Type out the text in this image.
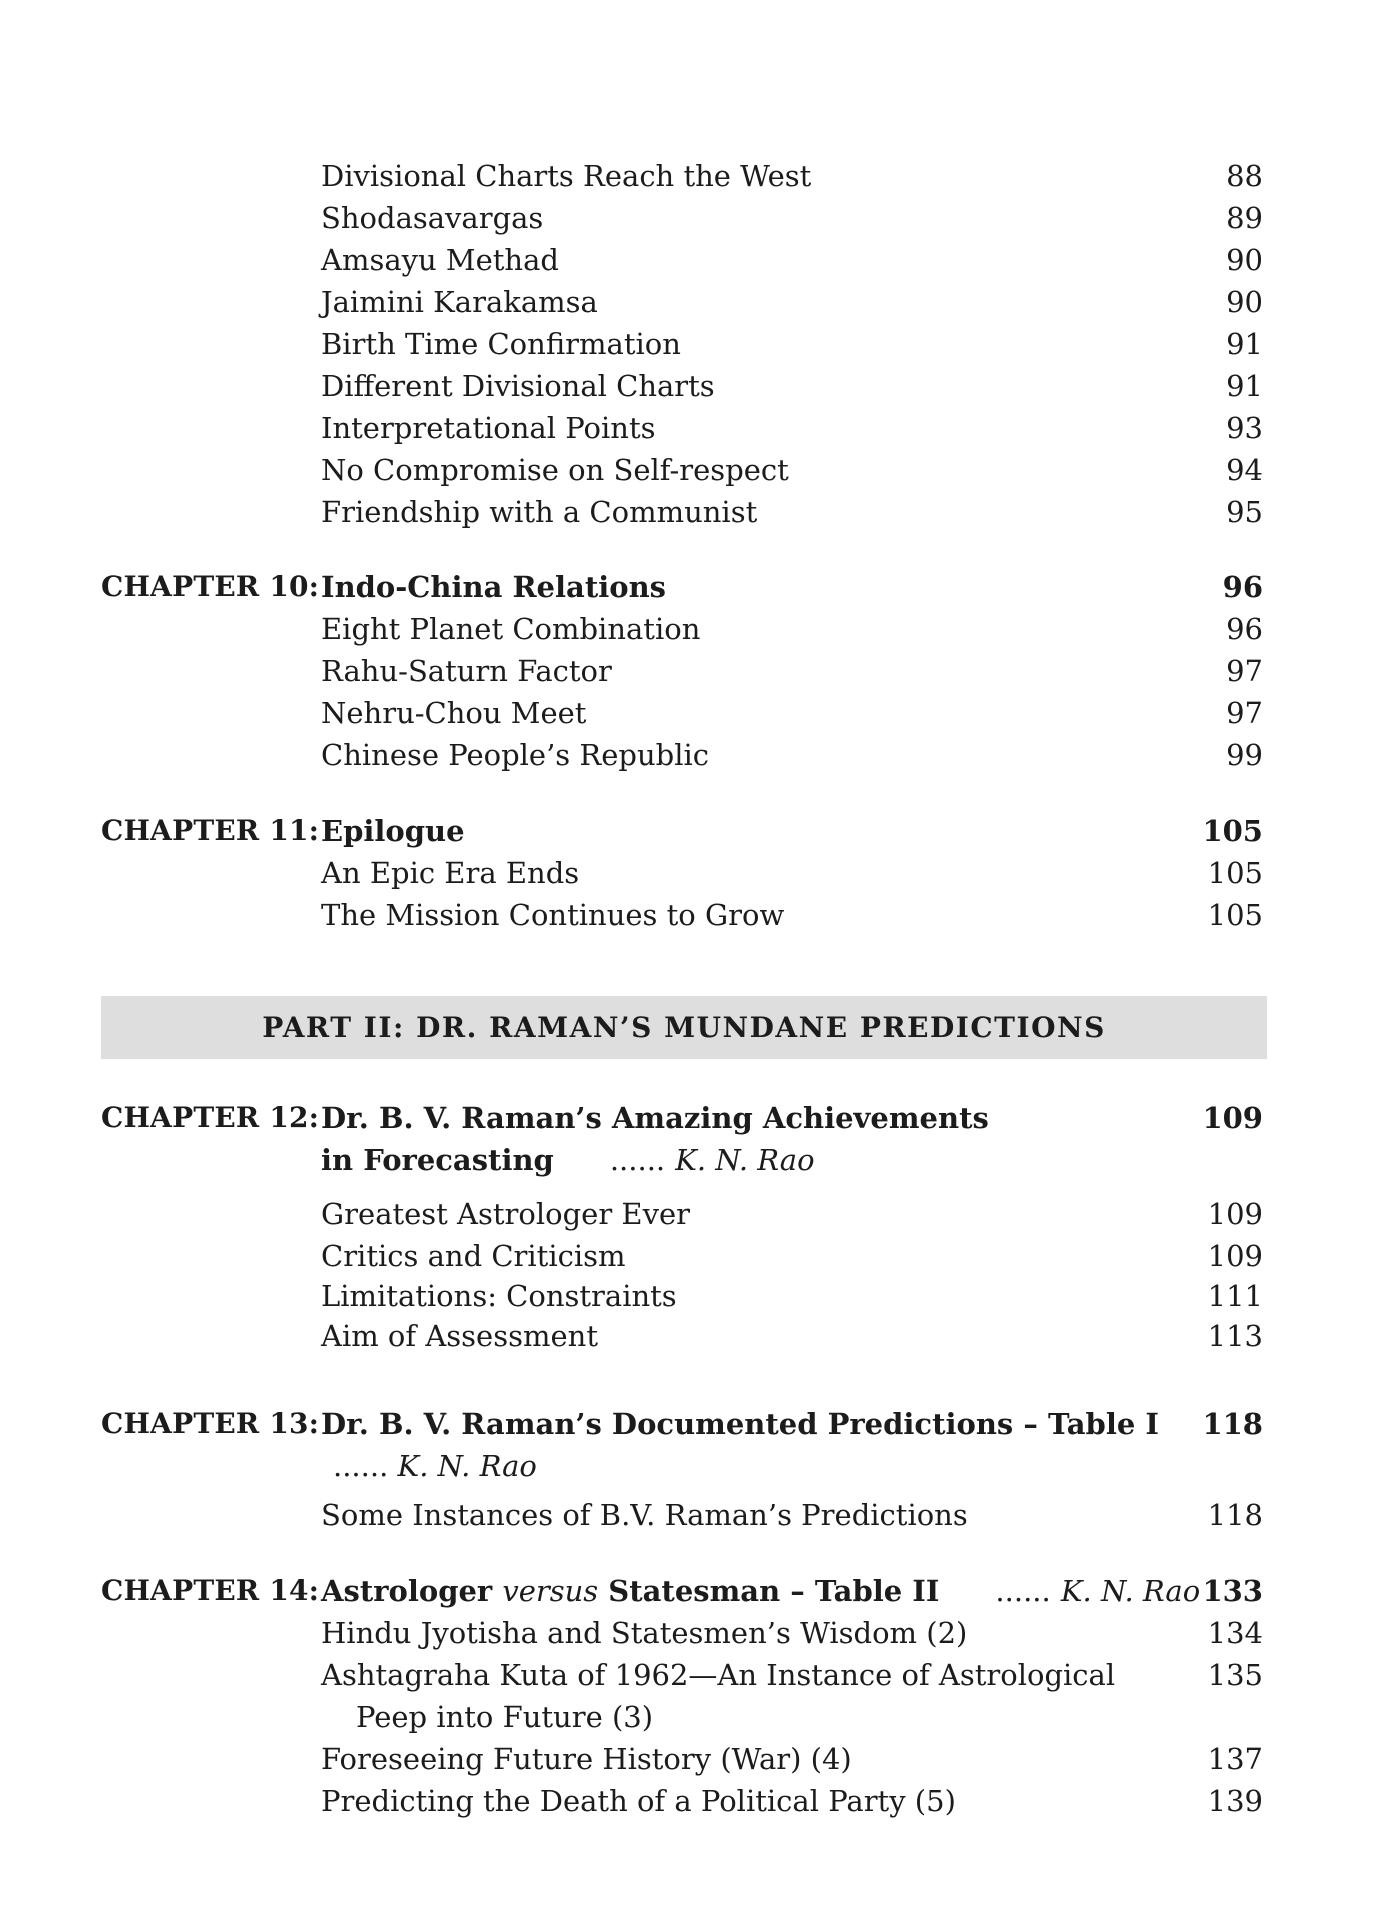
Divisional Charts Reach the West	88
Shodasavargas	89
Amsayu Methad	90
Jaimini Karakamsa	90
Birth Time Confirmation	91
Different Divisional Charts	91
Interpretational Points	93
No Compromise on Self-respect	94
Friendship with a Communist	95
CHAPTER 10: Indo-China Relations	96
Eight Planet Combination	96
Rahu-Saturn Factor	97
Nehru-Chou Meet	97
Chinese People’s Republic	99
CHAPTER 11: Epilogue	105
An Epic Era Ends	105
The Mission Continues to Grow	105
PART II: DR. RAMAN’S MUNDANE PREDICTIONS
CHAPTER 12: Dr. B. V. Raman’s Amazing Achievements	109
in Forecasting ...... K. N. Rao
Greatest Astrologer Ever	109
Critics and Criticism	109
Limitations: Constraints	111
Aim of Assessment	113
CHAPTER 13: Dr. B. V. Raman’s Documented Predictions – Table I 118
...... K. N. Rao
Some Instances of B.V. Raman’s Predictions	118
CHAPTER 14: Astrologer versus Statesman – Table II ...... K. N. Rao 133
Hindu Jyotisha and Statesmen’s Wisdom (2)	134
Ashtagraha Kuta of 1962—An Instance of Astrological	135
Peep into Future (3)
Foreseeing Future History (War) (4)	137
Predicting the Death of a Political Party (5)	139
